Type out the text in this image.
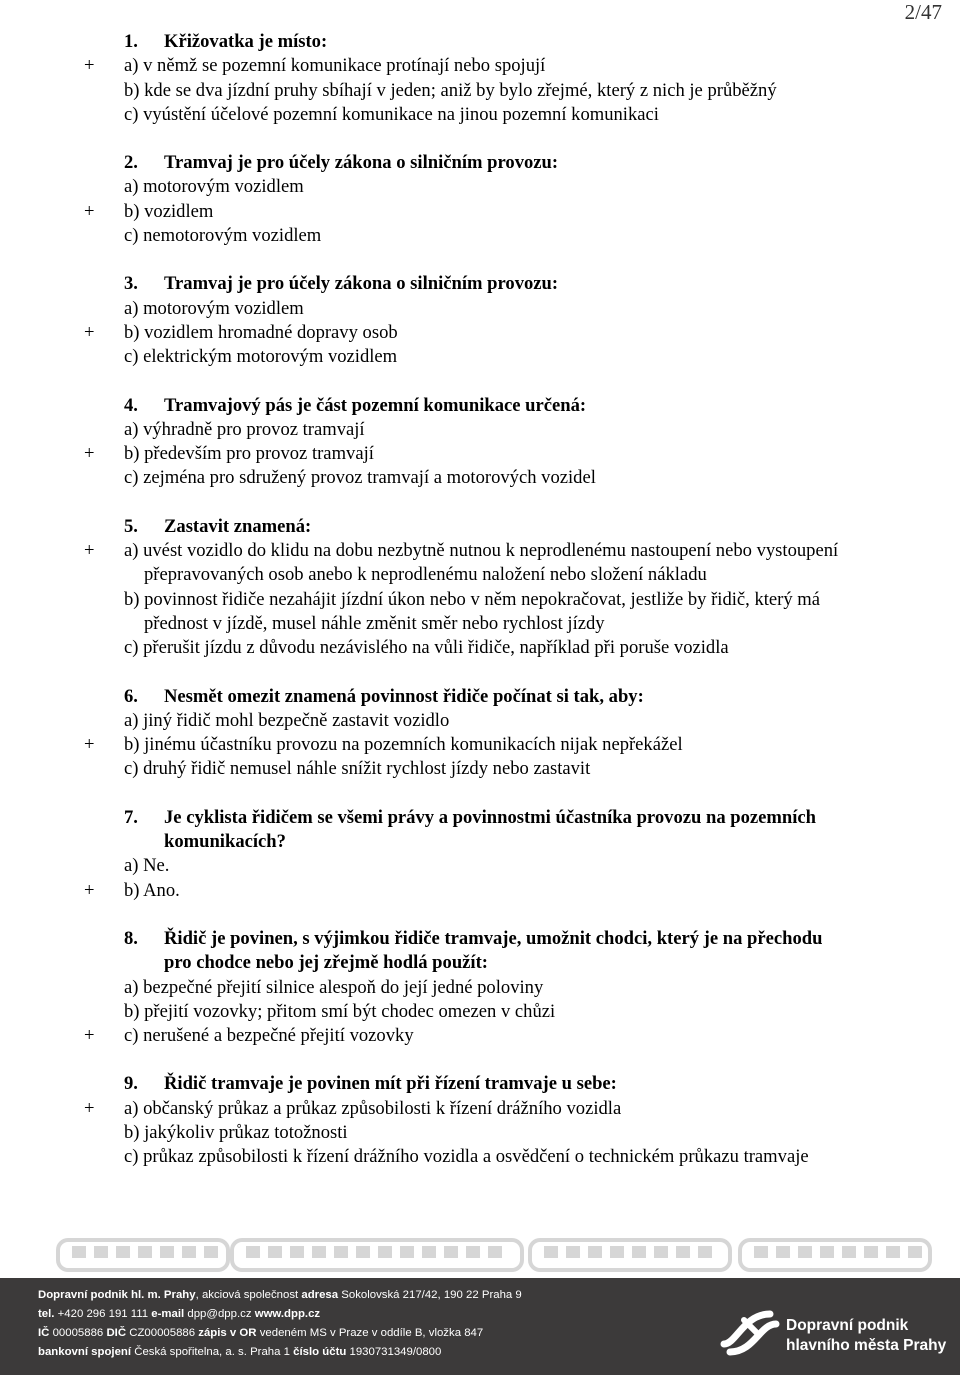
2/47
1.	Křižovatka je místo:
+	a) v němž se pozemní komunikace protínají nebo spojují
b) kde se dva jízdní pruhy sbíhají v jeden; aniž by bylo zřejmé, který z nich je průběžný
c) vyústění účelové pozemní komunikace na jinou pozemní komunikaci
2.	Tramvaj je pro účely zákona o silničním provozu:
a) motorovým vozidlem
+	b) vozidlem
c) nemotorovým vozidlem
3.	Tramvaj je pro účely zákona o silničním provozu:
a) motorovým vozidlem
+	b) vozidlem hromadné dopravy osob
c) elektrickým motorovým vozidlem
4.	Tramvajový pás je část pozemní komunikace určená:
a) výhradně pro provoz tramvají
+	b) především pro provoz tramvají
c) zejména pro sdružený provoz tramvají a motorových vozidel
5.	Zastavit znamená:
+	a) uvést vozidlo do klidu na dobu nezbytně nutnou k neprodlenému nastoupení nebo vystoupení
přepravovaných osob anebo k neprodlenému naložení nebo složení nákladu
b) povinnost řidiče nezahájit jízdní úkon nebo v něm nepokračovat, jestliže by řidič, který má
přednost v jízdě, musel náhle změnit směr nebo rychlost jízdy
c) přerušit jízdu z důvodu nezávislého na vůli řidiče, například při poruše vozidla
6.	Nesmět omezit znamená povinnost řidiče počínat si tak, aby:
a) jiný řidič mohl bezpečně zastavit vozidlo
+	b) jinému účastníku provozu na pozemních komunikacích nijak nepřekážel
c) druhý řidič nemusel náhle snížit rychlost jízdy nebo zastavit
7.	Je cyklista řidičem se všemi právy a povinnostmi účastníka provozu na pozemních
komunikacích?
a) Ne.
+	b) Ano.
8.	Řidič je povinen, s výjimkou řidiče tramvaje, umožnit chodci, který je na přechodu
pro chodce nebo jej zřejmě hodlá použít:
a) bezpečné přejití silnice alespoň do její jedné poloviny
b) přejití vozovky; přitom smí být chodec omezen v chůzi
+	c) nerušené a bezpečné přejití vozovky
9.	Řidič tramvaje je povinen mít při řízení tramvaje u sebe:
+	a) občanský průkaz a průkaz způsobilosti k řízení drážního vozidla
b) jakýkoliv průkaz totožnosti
c) průkaz způsobilosti k řízení drážního vozidla a osvědčení o technickém průkazu tramvaje
Dopravní podnik hl. m. Prahy, akciová společnost adresa Sokolovská 217/42, 190 22 Praha 9
tel. +420 296 191 111 e-mail dpp@dpp.cz www.dpp.cz
IČ 00005886 DIČ CZ00005886 zápis v OR vedeném MS v Praze v oddíle B, vložka 847
bankovní spojení Česká spořitelna, a. s. Praha 1 číslo účtu 1930731349/0800
Dopravní podnik
hlavního města Prahy
